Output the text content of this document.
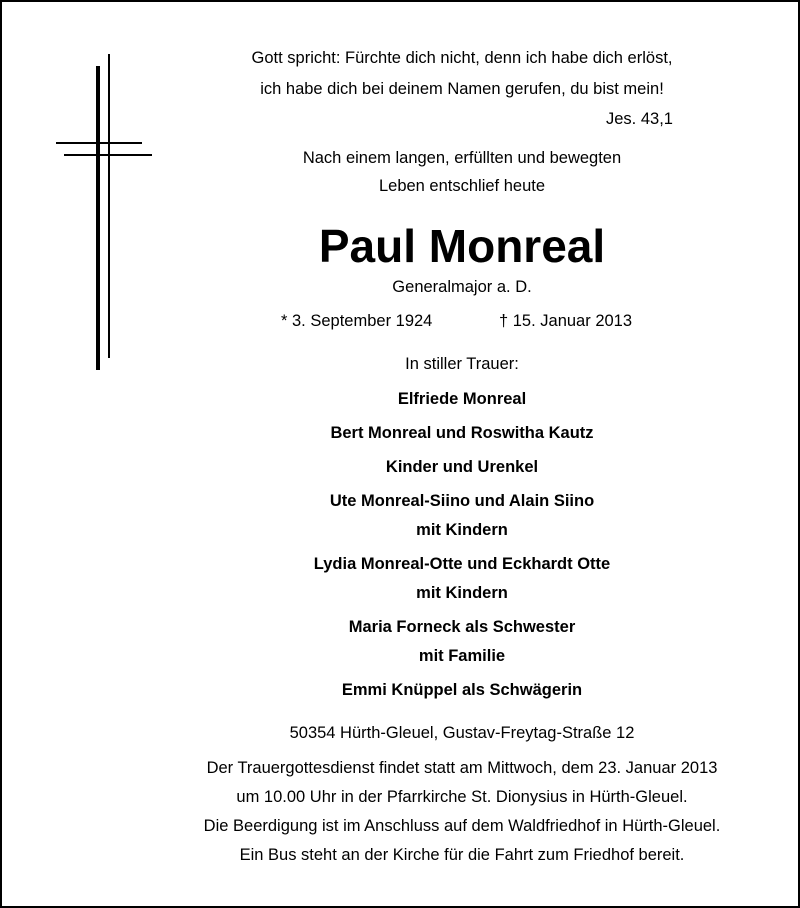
Gott spricht: Fürchte dich nicht, denn ich habe dich erlöst,
ich habe dich bei deinem Namen gerufen, du bist mein!
Jes. 43,1
Nach einem langen, erfüllten und bewegten
Leben entschlief heute
Paul Monreal
Generalmajor a. D.
* 3. September 1924	† 15. Januar 2013
In stiller Trauer:
Elfriede Monreal
Bert Monreal und Roswitha Kautz
Kinder und Urenkel
Ute Monreal-Siino und Alain Siino
mit Kindern
Lydia Monreal-Otte und Eckhardt Otte
mit Kindern
Maria Forneck als Schwester
mit Familie
Emmi Knüppel als Schwägerin
50354 Hürth-Gleuel, Gustav-Freytag-Straße 12
Der Trauergottesdienst findet statt am Mittwoch, dem 23. Januar 2013
um 10.00 Uhr in der Pfarrkirche St. Dionysius in Hürth-Gleuel.
Die Beerdigung ist im Anschluss auf dem Waldfriedhof in Hürth-Gleuel.
Ein Bus steht an der Kirche für die Fahrt zum Friedhof bereit.
